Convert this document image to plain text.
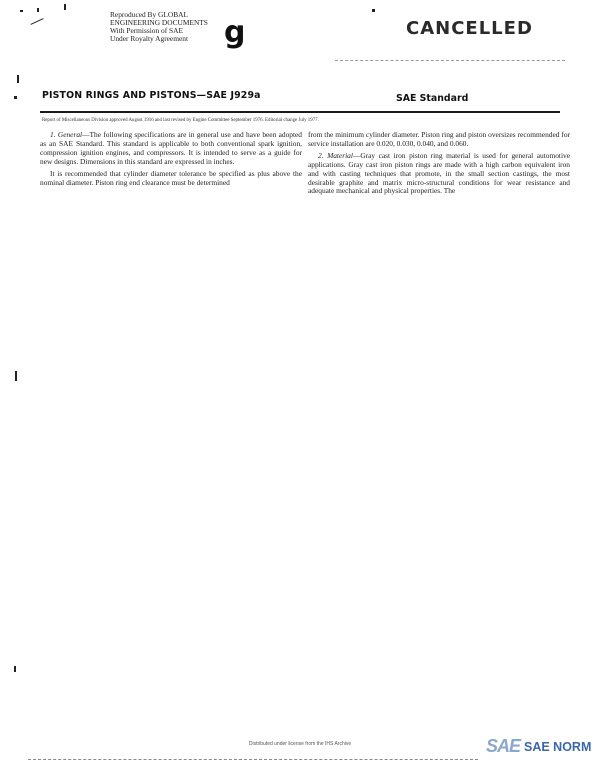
Reproduced By GLOBAL
ENGINEERING DOCUMENTS
With Permission of SAE
Under Royalty Agreement	g	CANCELLED
PISTON RINGS AND PISTONS—SAE J929a	SAE Standard
Report of Miscellaneous Division approved August 1916 and last revised by Engine Committee September 1976. Editorial change July 1977.

1. General—The following specifications are in general use and have been adopted as an SAE Standard. This standard is applicable to both conventional spark ignition, compression ignition engines, and compressors. It is intended to serve as a guide for new designs. Dimensions in this standard are expressed in inches.

It is recommended that cylinder diameter tolerance be specified as plus above the nominal diameter. Piston ring end clearance must be determined

from the minimum cylinder diameter. Piston ring and piston oversizes recommended for service installation are 0.020, 0.030, 0.040, and 0.060.

2. Material—Gray cast iron piston ring material is used for general automotive applications. Gray cast iron piston rings are made with a high carbon equivalent iron and with casting techniques that promote, in the small section castings, the most desirable graphite and matrix micro-structural conditions for wear resistance and adequate mechanical and physical properties. The

Distributed under license from the IHS Archive	SAE SAE NORM
